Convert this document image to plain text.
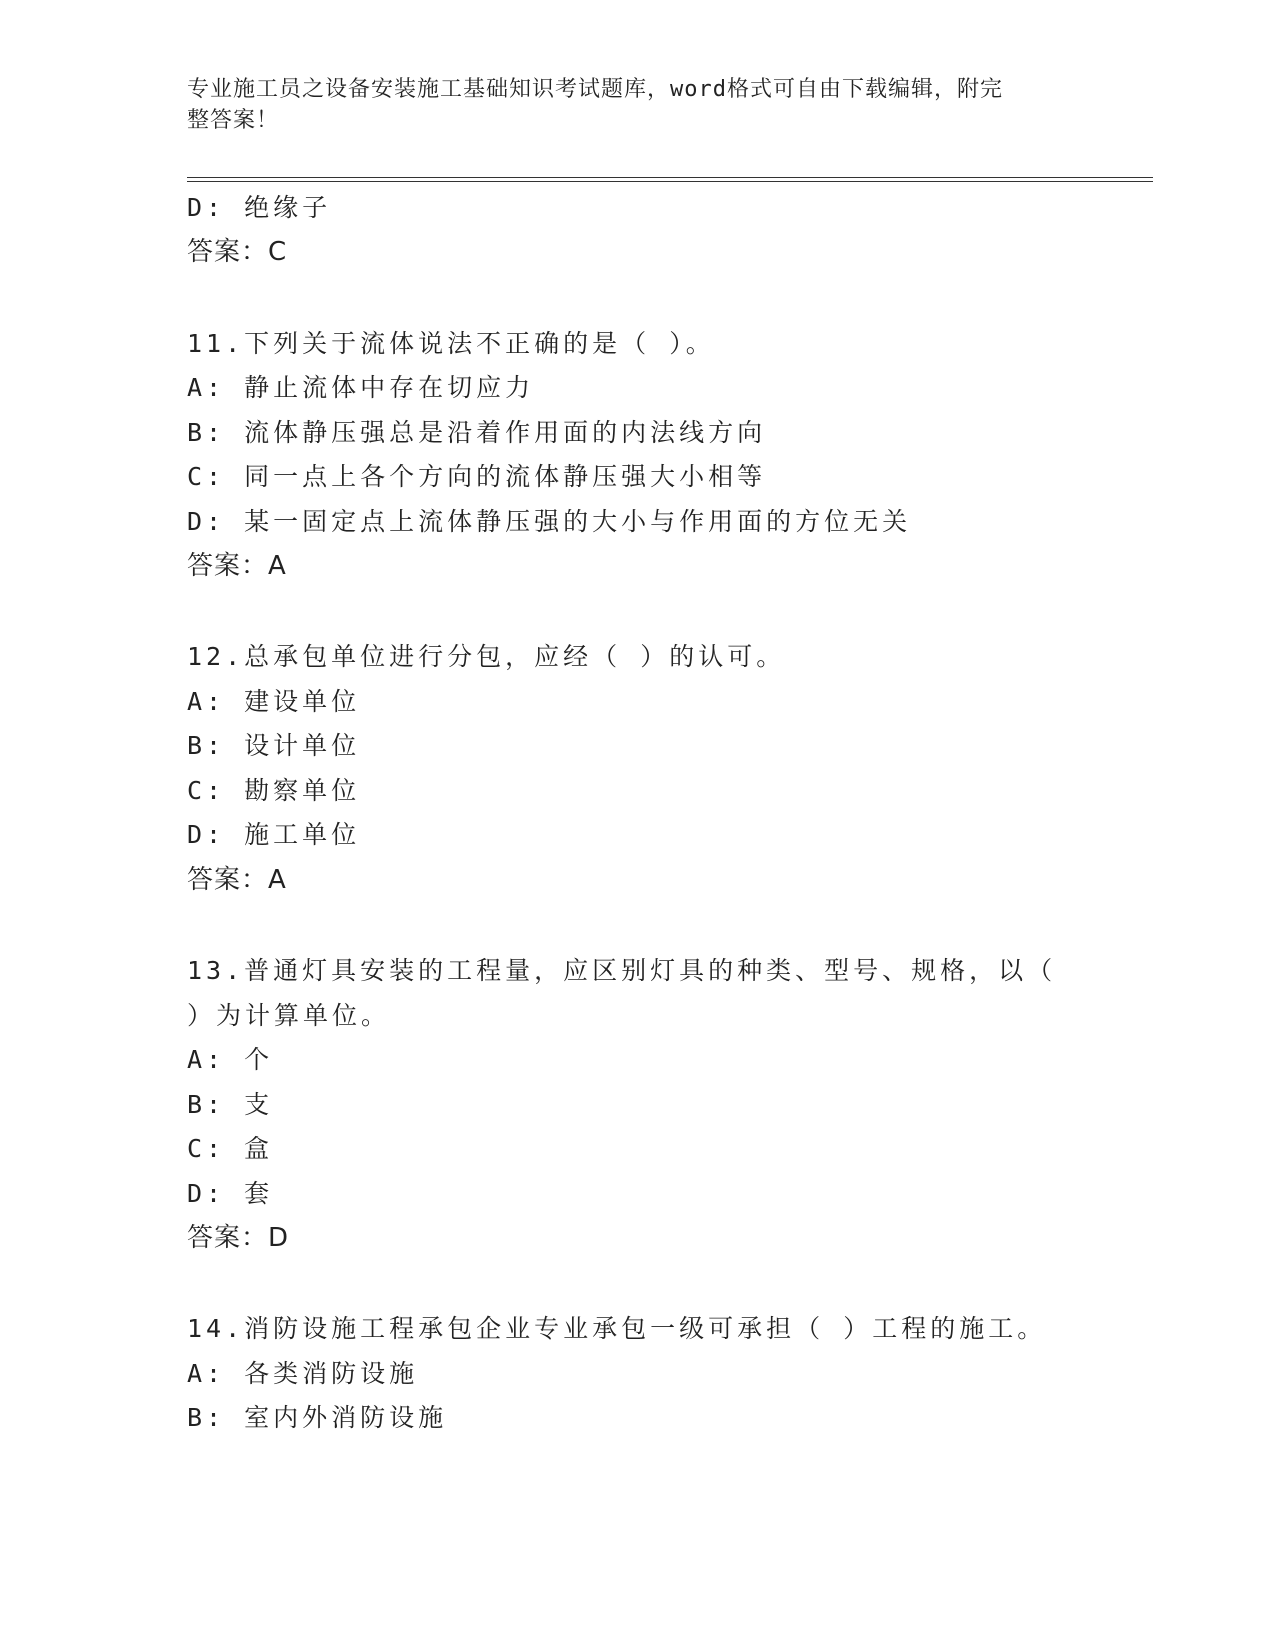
专业施工员之设备安装施工基础知识考试题库，word格式可自由下载编辑，附完
整答案！
D: 绝缘子
答案：C
11.下列关于流体说法不正确的是（ ）。
A: 静止流体中存在切应力
B: 流体静压强总是沿着作用面的内法线方向
C: 同一点上各个方向的流体静压强大小相等
D: 某一固定点上流体静压强的大小与作用面的方位无关
答案：A
12.总承包单位进行分包，应经（ ）的认可。
A: 建设单位
B: 设计单位
C: 勘察单位
D: 施工单位
答案：A
13.普通灯具安装的工程量，应区别灯具的种类、型号、规格，以（
）为计算单位。
A: 个
B: 支
C: 盒
D: 套
答案：D
14.消防设施工程承包企业专业承包一级可承担（ ）工程的施工。
A: 各类消防设施
B: 室内外消防设施
